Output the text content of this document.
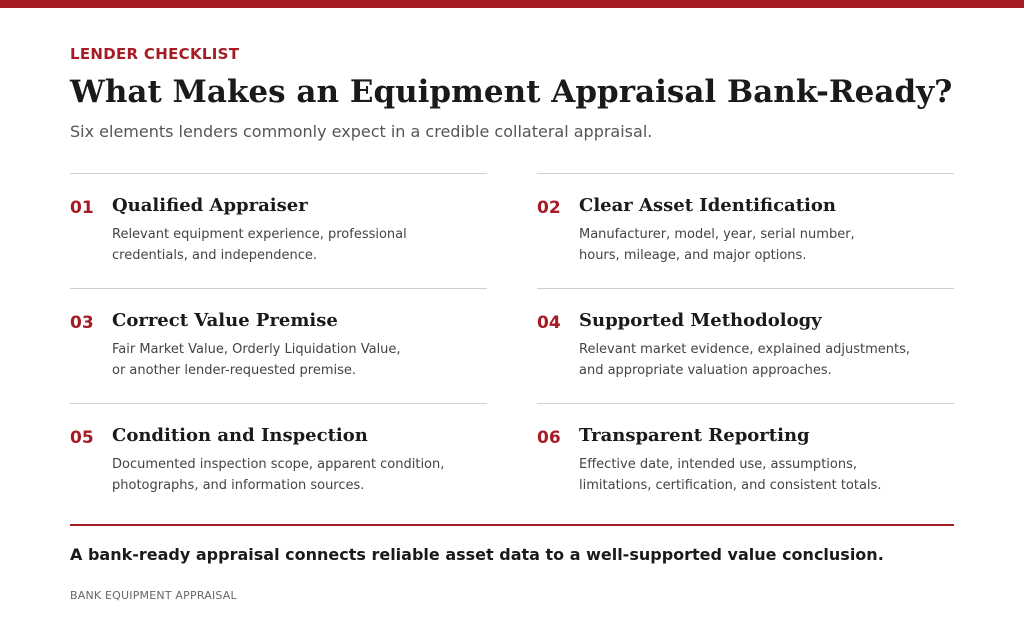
LENDER CHECKLIST
What Makes an Equipment Appraisal Bank-Ready?
Six elements lenders commonly expect in a credible collateral appraisal.
01 Qualified Appraiser
Relevant equipment experience, professional
credentials, and independence.
02 Clear Asset Identification
Manufacturer, model, year, serial number,
hours, mileage, and major options.
03 Correct Value Premise
Fair Market Value, Orderly Liquidation Value,
or another lender-requested premise.
04 Supported Methodology
Relevant market evidence, explained adjustments,
and appropriate valuation approaches.
05 Condition and Inspection
Documented inspection scope, apparent condition,
photographs, and information sources.
06 Transparent Reporting
Effective date, intended use, assumptions,
limitations, certification, and consistent totals.
A bank-ready appraisal connects reliable asset data to a well-supported value conclusion.
BANK EQUIPMENT APPRAISAL
